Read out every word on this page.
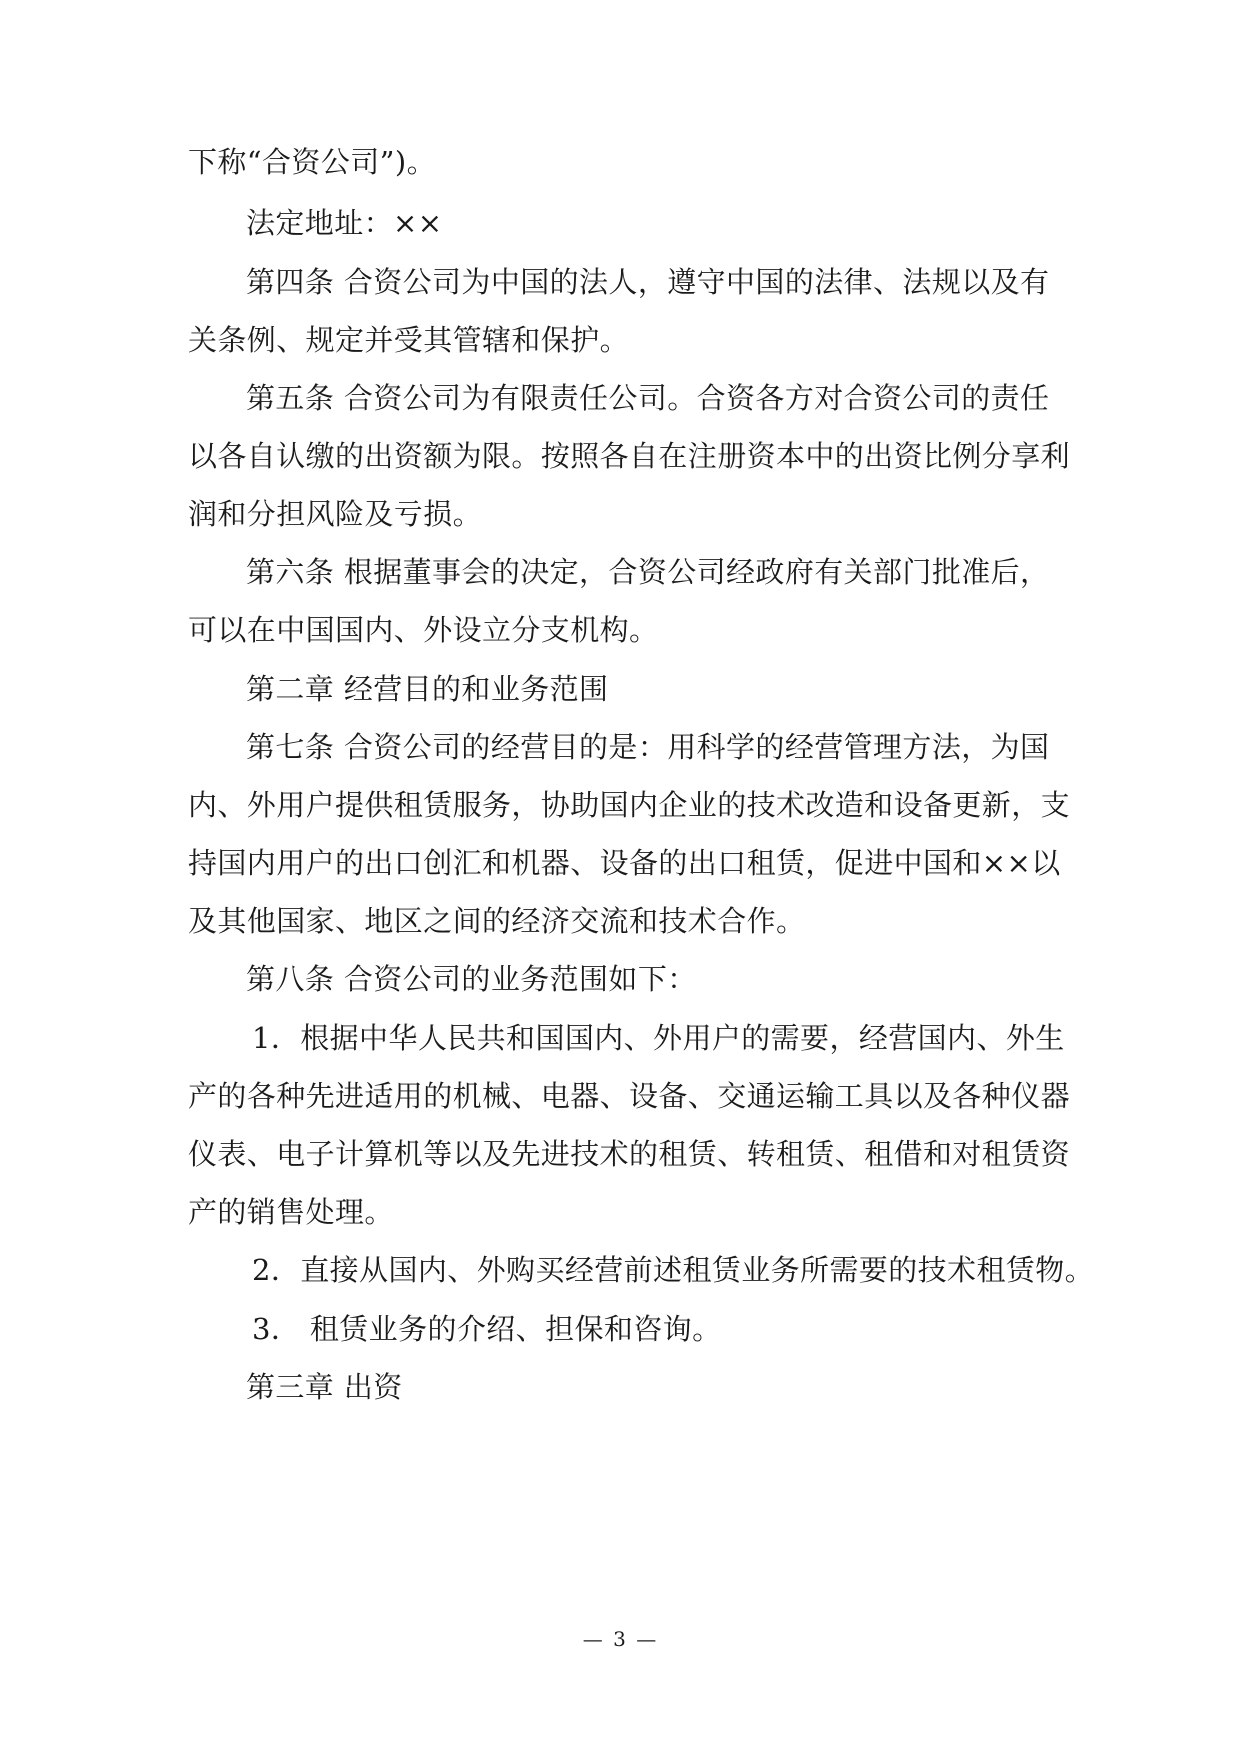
下称“合资公司”)。
法定地址：××
第四条 合资公司为中国的法人，遵守中国的法律、法规以及有
关条例、规定并受其管辖和保护。
第五条 合资公司为有限责任公司。合资各方对合资公司的责任
以各自认缴的出资额为限。按照各自在注册资本中的出资比例分享利
润和分担风险及亏损。
第六条 根据董事会的决定，合资公司经政府有关部门批准后，
可以在中国国内、外设立分支机构。
第二章 经营目的和业务范围
第七条 合资公司的经营目的是：用科学的经营管理方法，为国
内、外用户提供租赁服务，协助国内企业的技术改造和设备更新，支
持国内用户的出口创汇和机器、设备的出口租赁，促进中国和××以
及其他国家、地区之间的经济交流和技术合作。
第八条 合资公司的业务范围如下：
1．根据中华人民共和国国内、外用户的需要，经营国内、外生
产的各种先进适用的机械、电器、设备、交通运输工具以及各种仪器
仪表、电子计算机等以及先进技术的租赁、转租赁、租借和对租赁资
产的销售处理。
2．直接从国内、外购买经营前述租赁业务所需要的技术租赁物。
3． 租赁业务的介绍、担保和咨询。
第三章 出资
— 3 —
